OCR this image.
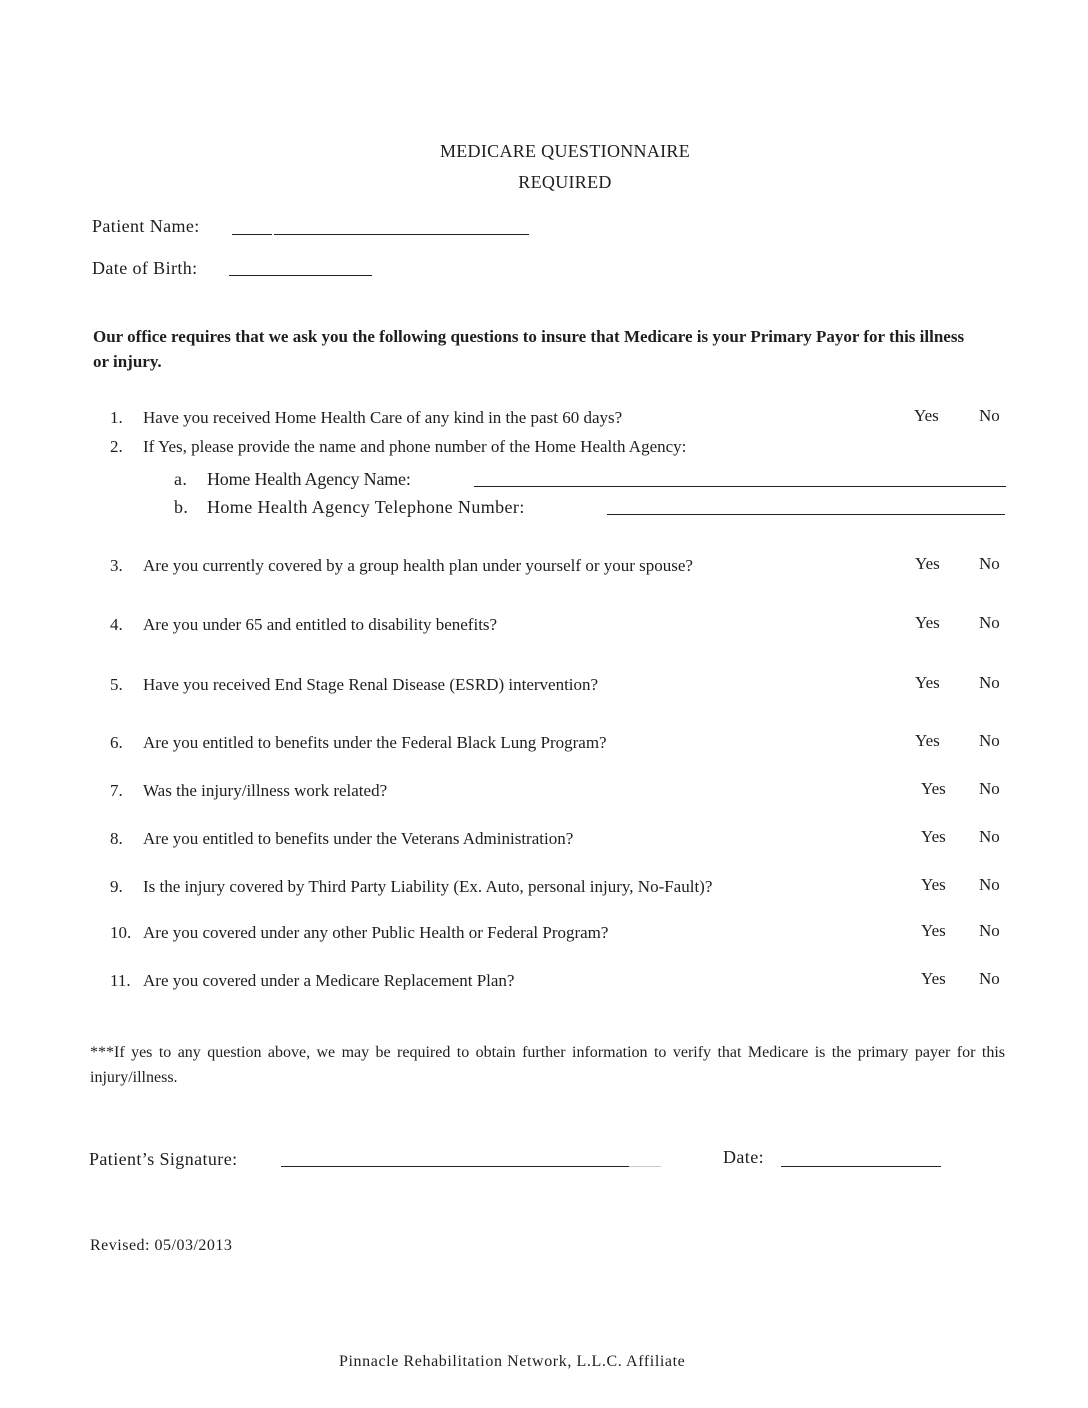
MEDICARE QUESTIONNAIRE
REQUIRED
Patient Name:
Date of Birth:
Our office requires that we ask you the following questions to insure that Medicare is your Primary Payor for this illness or injury.
1. Have you received Home Health Care of any kind in the past 60 days?	Yes No
2. If Yes, please provide the name and phone number of the Home Health Agency:
a. Home Health Agency Name:
b. Home Health Agency Telephone Number:
3. Are you currently covered by a group health plan under yourself or your spouse?	Yes No
4. Are you under 65 and entitled to disability benefits?	Yes No
5. Have you received End Stage Renal Disease (ESRD) intervention?	Yes No
6. Are you entitled to benefits under the Federal Black Lung Program?	Yes No
7. Was the injury/illness work related?	Yes No
8. Are you entitled to benefits under the Veterans Administration?	Yes No
9. Is the injury covered by Third Party Liability (Ex. Auto, personal injury, No-Fault)?	Yes No
10. Are you covered under any other Public Health or Federal Program?	Yes No
11. Are you covered under a Medicare Replacement Plan?	Yes No
***If yes to any question above, we may be required to obtain further information to verify that Medicare is the primary payer for this injury/illness.
Patient’s Signature:	Date:
Revised: 05/03/2013
Pinnacle Rehabilitation Network, L.L.C. Affiliate
